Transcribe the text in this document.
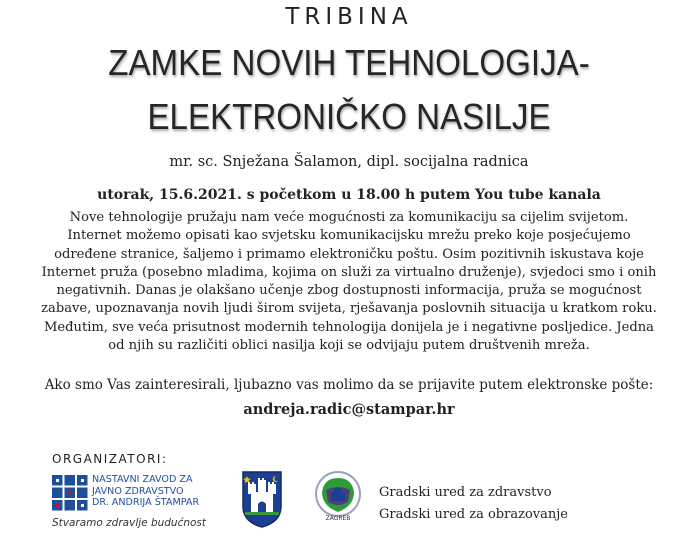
TRIBINA
ZAMKE NOVIH TEHNOLOGIJA-
ELEKTRONIČKO NASILJE
mr. sc. Snježana Šalamon, dipl. socijalna radnica
utorak, 15.6.2021. s početkom u 18.00 h putem You tube kanala
Nove tehnologije pružaju nam veće mogućnosti za komunikaciju sa cijelim svijetom.
Internet možemo opisati kao svjetsku komunikacijsku mrežu preko koje posjećujemo
određene stranice, šaljemo i primamo elektroničku poštu. Osim pozitivnih iskustava koje
Internet pruža (posebno mladima, kojima on služi za virtualno druženje), svjedoci smo i onih
negativnih. Danas je olakšano učenje zbog dostupnosti informacija, pruža se mogućnost
zabave, upoznavanja novih ljudi širom svijeta, rješavanja poslovnih situacija u kratkom roku.
Međutim, sve veća prisutnost modernih tehnologija donijela je i negativne posljedice. Jedna
od njih su različiti oblici nasilja koji se odvijaju putem društvenih mreža.
Ako smo Vas zainteresirali, ljubazno vas molimo da se prijavite putem elektronske pošte:
andreja.radic@stampar.hr
ORGANIZATORI:
NASTAVNI ZAVOD ZA
JAVNO ZDRAVSTVO
DR. ANDRIJA ŠTAMPAR
Stvaramo zdravlje budućnost	ZAGREB
Gradski ured za zdravstvo
Gradski ured za obrazovanje
